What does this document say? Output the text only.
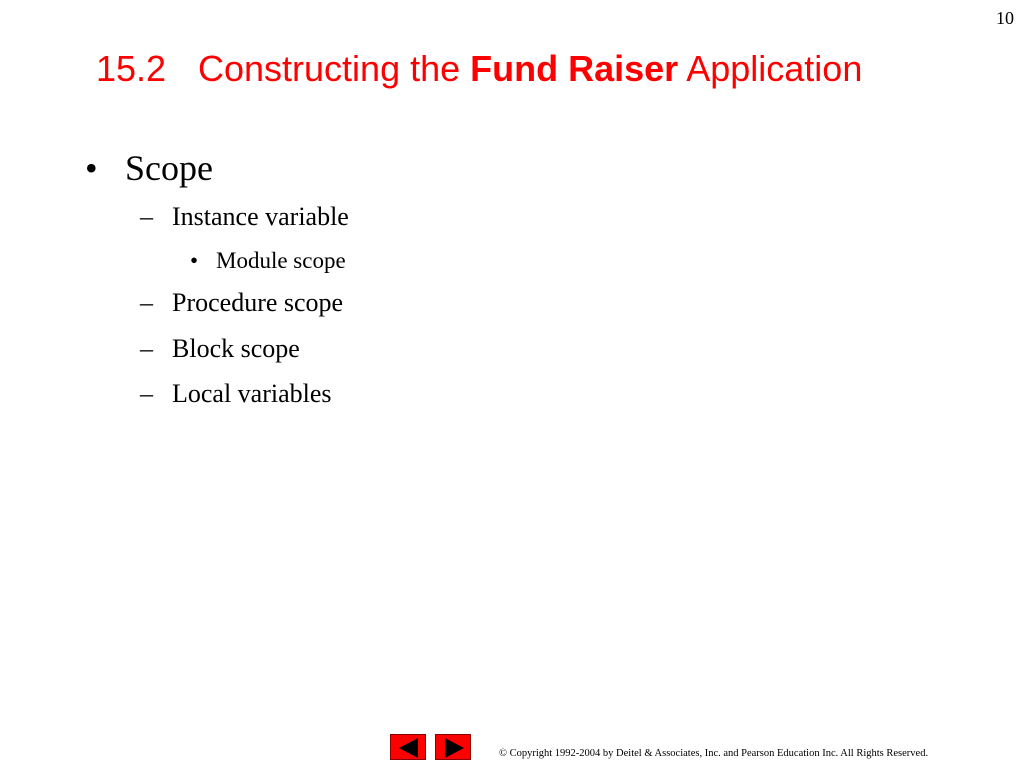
10
15.2 Constructing the Fund Raiser Application
• Scope
– Instance variable
• Module scope
– Procedure scope
– Block scope
– Local variables
© Copyright 1992-2004 by Deitel & Associates, Inc. and Pearson Education Inc. All Rights Reserved.
